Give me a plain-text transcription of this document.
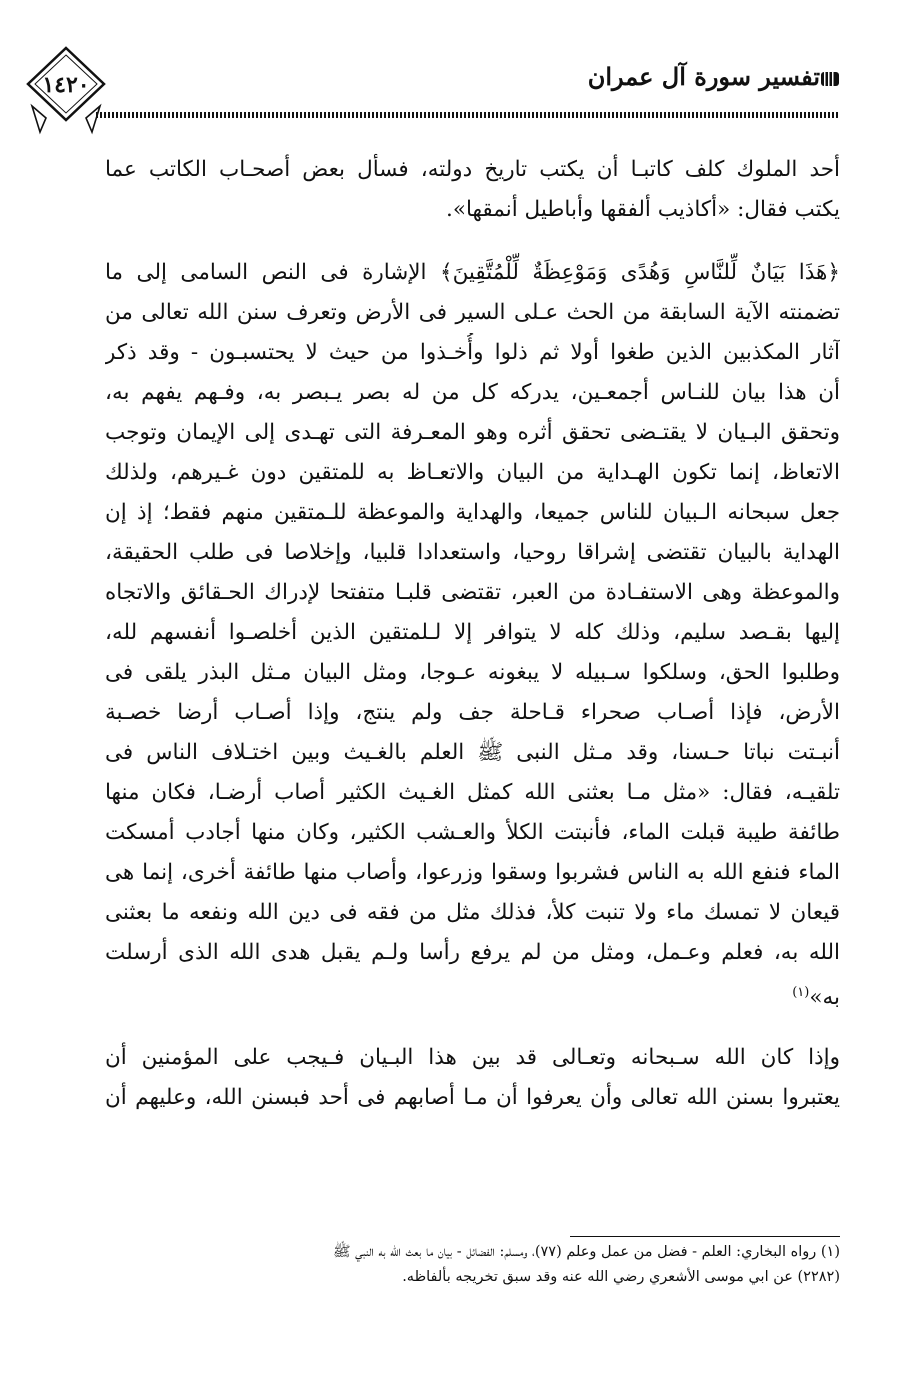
تفسير سورة آل عمران
١٤٢٠
أحد الملوك كلف كاتبـا أن يكتب تاريخ دولته، فسأل بعض أصحـاب الكاتب عما
يكتب فقال: «أكاذيب ألفقها وأباطيل أنمقها».
﴿هَذَا بَيَانٌ لِّلنَّاسِ وَهُدًى وَمَوْعِظَةٌ لِّلْمُتَّقِينَ﴾ الإشارة فى النص السامى إلى ما
تضمنته الآية السابقة من الحث عـلى السير فى الأرض وتعرف سنن الله تعالى من
آثار المكذبين الذين طغوا أولا ثم ذلوا وأُخـذوا من حيث لا يحتسبـون - وقد ذكر
أن هذا بيان للنـاس أجمعـين، يدركه كل من له بصر يـبصر به، وفـهم يفهم به،
وتحقق البـيان لا يقتـضى تحقق أثره وهو المعـرفة التى تهـدى إلى الإيمان وتوجب
الاتعاظ، إنما تكون الهـداية من البيان والاتعـاظ به للمتقين دون غـيرهم، ولذلك
جعل سبحانه الـبيان للناس جميعا، والهداية والموعظة للـمتقين منهم فقط؛ إذ إن
الهداية بالبيان تقتضى إشراقا روحيا، واستعدادا قلبيا، وإخلاصا فى طلب الحقيقة،
والموعظة وهى الاستفـادة من العبر، تقتضى قلبـا متفتحا لإدراك الحـقائق والاتجاه
إليها بقـصد سليم، وذلك كله لا يتوافر إلا لـلمتقين الذين أخلصـوا أنفسهم لله،
وطلبوا الحق، وسلكوا سـبيله لا يبغونه عـوجا، ومثل البيان مـثل البذر يلقى فى
الأرض، فإذا أصـاب صحراء قـاحلة جف ولم ينتج، وإذا أصـاب أرضا خصـبة
أنبـتت نباتا حـسنا، وقد مـثل النبى ﷺ العلم بالغـيث وبين اختـلاف الناس فى
تلقيـه، فقال: «مثل مـا بعثنى الله كمثل الغـيث الكثير أصاب أرضـا، فكان منها
طائفة طيبة قبلت الماء، فأنبتت الكلأ والعـشب الكثير، وكان منها أجادب أمسكت
الماء فنفع الله به الناس فشربوا وسقوا وزرعوا، وأصاب منها طائفة أخرى، إنما هى
قيعان لا تمسك ماء ولا تنبت كلأ، فذلك مثل من فقه فى دين الله ونفعه ما بعثنى
الله به، فعلم وعـمل، ومثل من لم يرفع رأسا ولـم يقبل هدى الله الذى أرسلت
به»$^{(١)}$
وإذا كان الله سـبحانه وتعـالى قد بين هذا البـيان فـيجب على المؤمنين أن
يعتبروا بسنن الله تعالى وأن يعرفوا أن مـا أصابهم فى أحد فبسنن الله، وعليهم أن
(١) رواه البخاري: العلم - فضل من عمل وعلم (٧٧)، ومسلم: الفضائل - بيان ما بعث الله به النبي ﷺ
(٢٢٨٢) عن ابي موسى الأشعري رضي الله عنه وقد سبق تخريجه بألفاظه.
